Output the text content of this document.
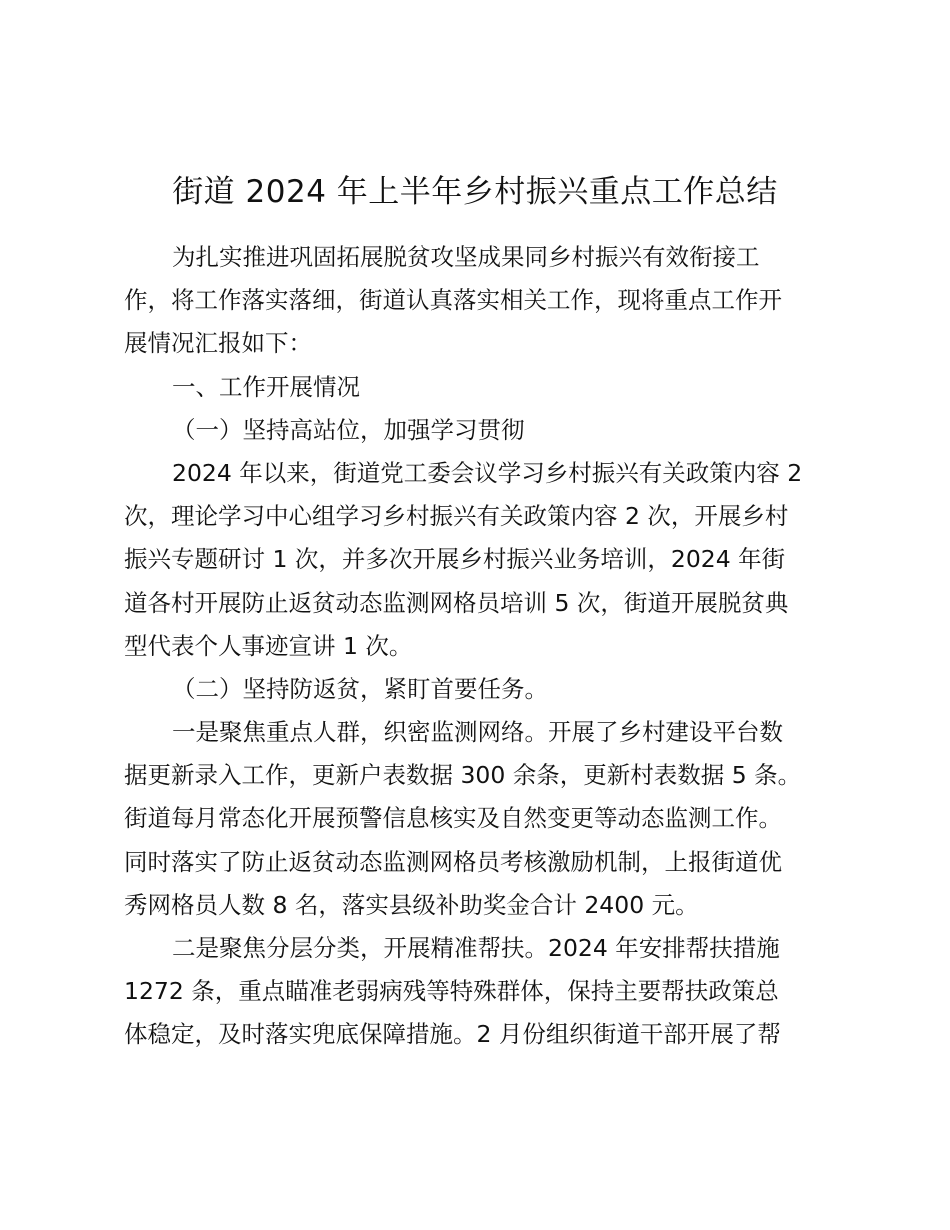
街道 2024 年上半年乡村振兴重点工作总结
为扎实推进巩固拓展脱贫攻坚成果同乡村振兴有效衔接工
作，将工作落实落细，街道认真落实相关工作，现将重点工作开
展情况汇报如下：
一、工作开展情况
（一）坚持高站位，加强学习贯彻
2024 年以来，街道党工委会议学习乡村振兴有关政策内容 2
次，理论学习中心组学习乡村振兴有关政策内容 2 次，开展乡村
振兴专题研讨 1 次，并多次开展乡村振兴业务培训，2024 年街
道各村开展防止返贫动态监测网格员培训 5 次，街道开展脱贫典
型代表个人事迹宣讲 1 次。
（二）坚持防返贫，紧盯首要任务。
一是聚焦重点人群，织密监测网络。开展了乡村建设平台数
据更新录入工作，更新户表数据 300 余条，更新村表数据 5 条。
街道每月常态化开展预警信息核实及自然变更等动态监测工作。
同时落实了防止返贫动态监测网格员考核激励机制，上报街道优
秀网格员人数 8 名，落实县级补助奖金合计 2400 元。
二是聚焦分层分类，开展精准帮扶。2024 年安排帮扶措施
1272 条，重点瞄准老弱病残等特殊群体，保持主要帮扶政策总
体稳定，及时落实兜底保障措施。2 月份组织街道干部开展了帮
